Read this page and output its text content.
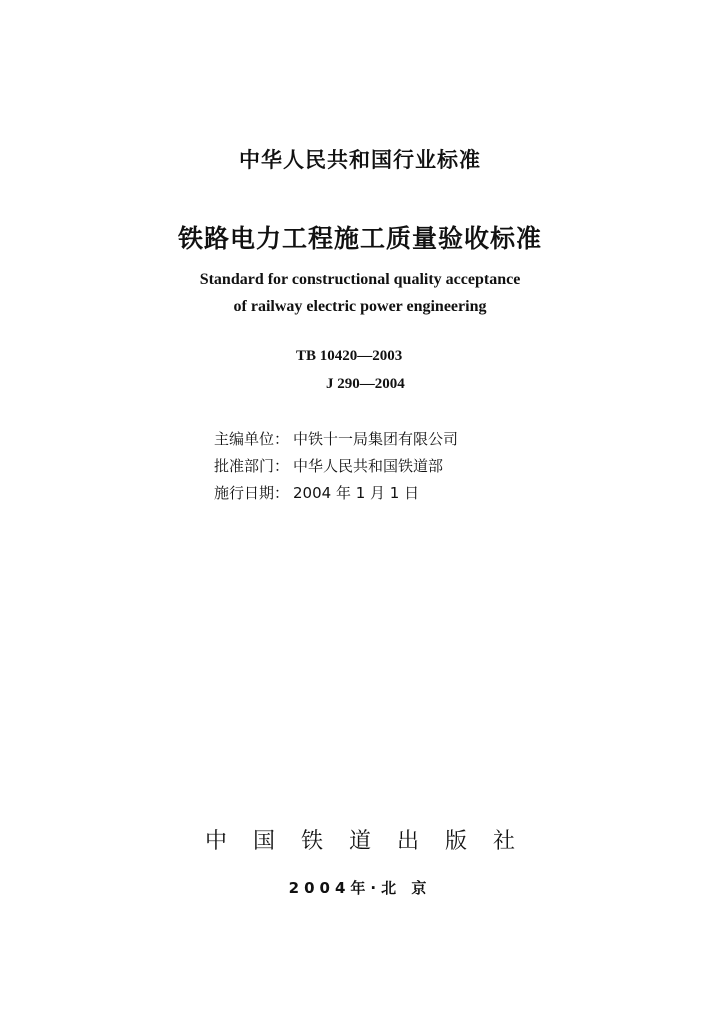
中华人民共和国行业标准
铁路电力工程施工质量验收标准
Standard for constructional quality acceptance
of railway electric power engineering
TB 10420—2003
J 290—2004
主编单位： 中铁十一局集团有限公司
批准部门： 中华人民共和国铁道部
施行日期： 2004 年 1 月 1 日
中国铁道出版社
2004年·北 京
